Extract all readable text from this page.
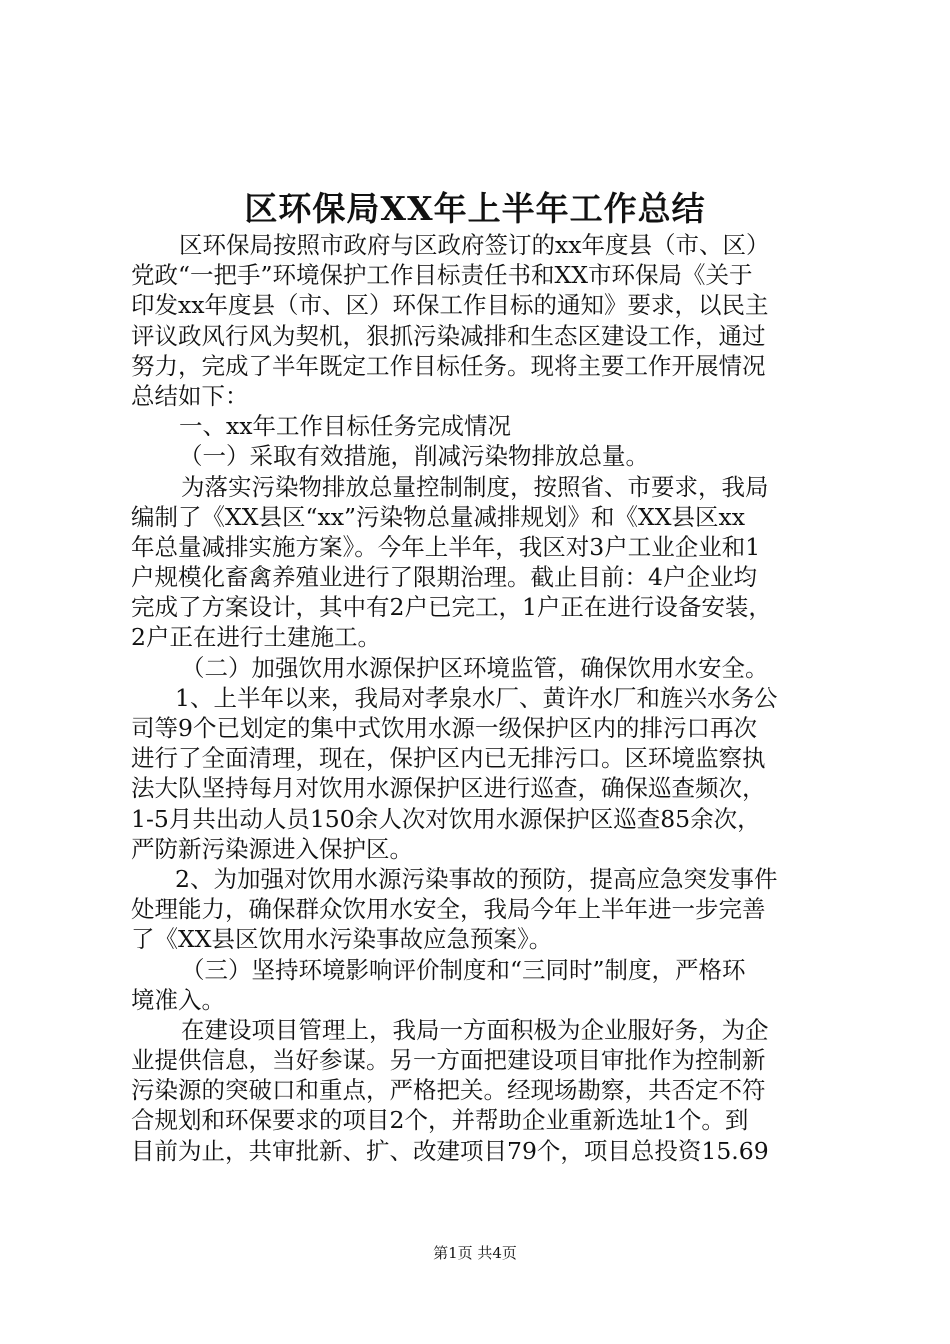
区环保局XX年上半年工作总结
区环保局按照市政府与区政府签订的xx年度县（市、区）
党政“一把手”环境保护工作目标责任书和XX市环保局《关于
印发xx年度县（市、区）环保工作目标的通知》要求，以民主
评议政风行风为契机，狠抓污染减排和生态区建设工作，通过
努力，完成了半年既定工作目标任务。现将主要工作开展情况
总结如下：
一、xx年工作目标任务完成情况
（一）采取有效措施，削减污染物排放总量。
为落实污染物排放总量控制制度，按照省、市要求，我局
编制了《XX县区“xx”污染物总量减排规划》和《XX县区xx
年总量减排实施方案》。今年上半年，我区对3户工业企业和1
户规模化畜禽养殖业进行了限期治理。截止目前：4户企业均
完成了方案设计，其中有2户已完工，1户正在进行设备安装，
2户正在进行土建施工。
（二）加强饮用水源保护区环境监管，确保饮用水安全。
1、上半年以来，我局对孝泉水厂、黄许水厂和旌兴水务公
司等9个已划定的集中式饮用水源一级保护区内的排污口再次
进行了全面清理，现在，保护区内已无排污口。区环境监察执
法大队坚持每月对饮用水源保护区进行巡查，确保巡查频次，
1-5月共出动人员150余人次对饮用水源保护区巡查85余次，
严防新污染源进入保护区。
2、为加强对饮用水源污染事故的预防，提高应急突发事件
处理能力，确保群众饮用水安全，我局今年上半年进一步完善
了《XX县区饮用水污染事故应急预案》。
（三）坚持环境影响评价制度和“三同时”制度，严格环
境准入。
在建设项目管理上，我局一方面积极为企业服好务，为企
业提供信息，当好参谋。另一方面把建设项目审批作为控制新
污染源的突破口和重点，严格把关。经现场勘察，共否定不符
合规划和环保要求的项目2个，并帮助企业重新选址1个。到
目前为止，共审批新、扩、改建项目79个，项目总投资15.69
第1页 共4页
